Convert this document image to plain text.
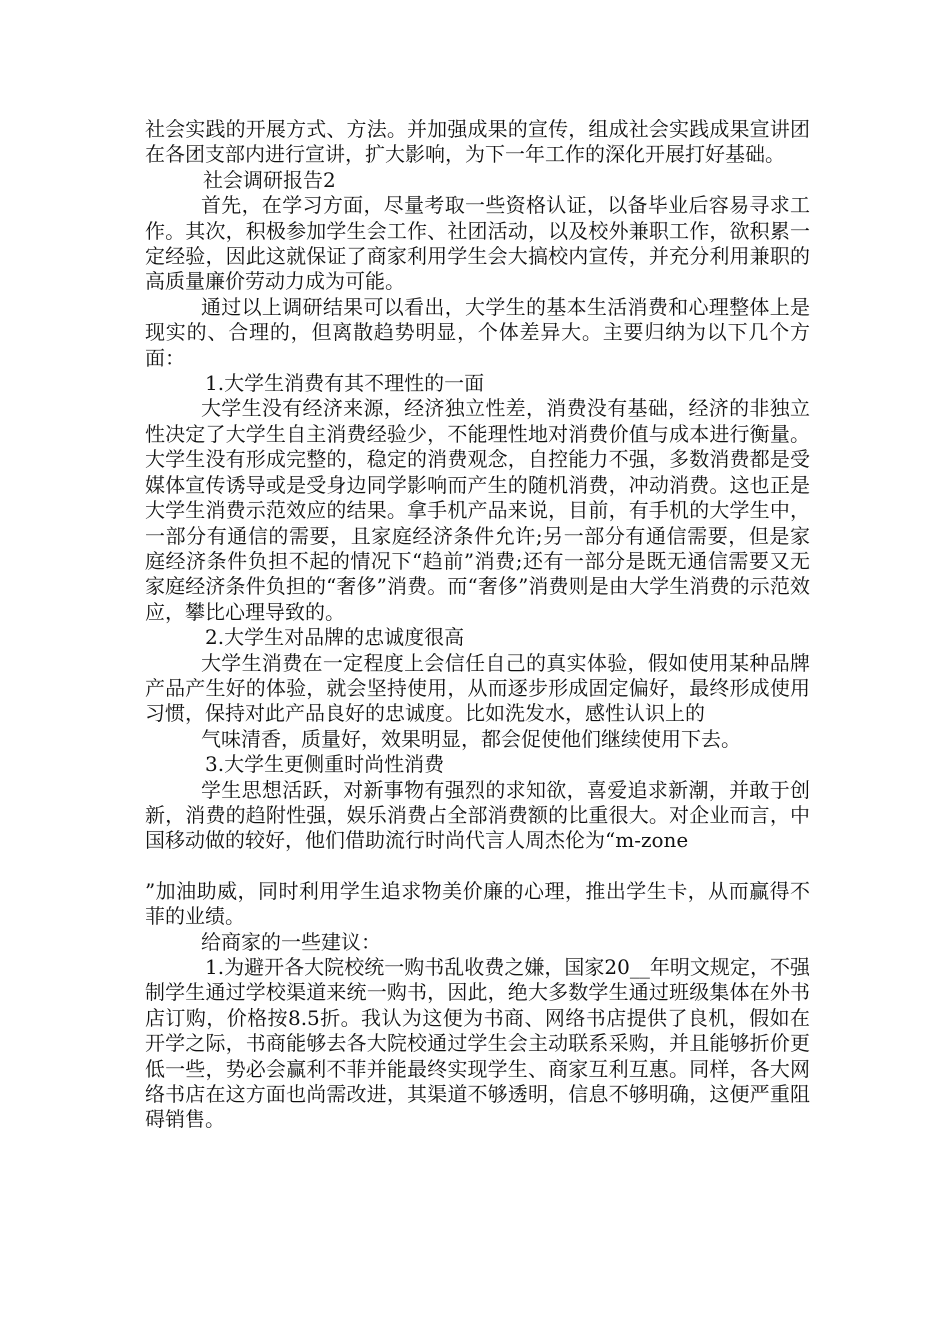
社会实践的开展方式、方法。并加强成果的宣传，组成社会实践成果宣讲团在各团支部内进行宣讲，扩大影响，为下一年工作的深化开展打好基础。

社会调研报告2

首先，在学习方面，尽量考取一些资格认证，以备毕业后容易寻求工作。其次，积极参加学生会工作、社团活动，以及校外兼职工作，欲积累一定经验，因此这就保证了商家利用学生会大搞校内宣传，并充分利用兼职的高质量廉价劳动力成为可能。

通过以上调研结果可以看出，大学生的基本生活消费和心理整体上是现实的、合理的，但离散趋势明显，个体差异大。主要归纳为以下几个方面：

1.大学生消费有其不理性的一面

大学生没有经济来源，经济独立性差，消费没有基础，经济的非独立性决定了大学生自主消费经验少，不能理性地对消费价值与成本进行衡量。大学生没有形成完整的，稳定的消费观念，自控能力不强，多数消费都是受媒体宣传诱导或是受身边同学影响而产生的随机消费，冲动消费。这也正是大学生消费示范效应的结果。拿手机产品来说，目前，有手机的大学生中，一部分有通信的需要，且家庭经济条件允许;另一部分有通信需要，但是家庭经济条件负担不起的情况下“趋前”消费;还有一部分是既无通信需要又无家庭经济条件负担的“奢侈”消费。而“奢侈”消费则是由大学生消费的示范效应，攀比心理导致的。

2.大学生对品牌的忠诚度很高

大学生消费在一定程度上会信任自己的真实体验，假如使用某种品牌产品产生好的体验，就会坚持使用，从而逐步形成固定偏好，最终形成使用习惯，保持对此产品良好的忠诚度。比如洗发水，感性认识上的

气味清香，质量好，效果明显，都会促使他们继续使用下去。

3.大学生更侧重时尚性消费

学生思想活跃，对新事物有强烈的求知欲，喜爱追求新潮，并敢于创新，消费的趋附性强，娱乐消费占全部消费额的比重很大。对企业而言，中国移动做的较好，他们借助流行时尚代言人周杰伦为“m-zone

”加油助威，同时利用学生追求物美价廉的心理，推出学生卡，从而赢得不菲的业绩。

给商家的一些建议：

1.为避开各大院校统一购书乱收费之嫌，国家20__年明文规定，不强制学生通过学校渠道来统一购书，因此，绝大多数学生通过班级集体在外书店订购，价格按8.5折。我认为这便为书商、网络书店提供了良机，假如在开学之际，书商能够去各大院校通过学生会主动联系采购，并且能够折价更低一些，势必会赢利不菲并能最终实现学生、商家互利互惠。同样，各大网络书店在这方面也尚需改进，其渠道不够透明，信息不够明确，这便严重阻碍销售。
